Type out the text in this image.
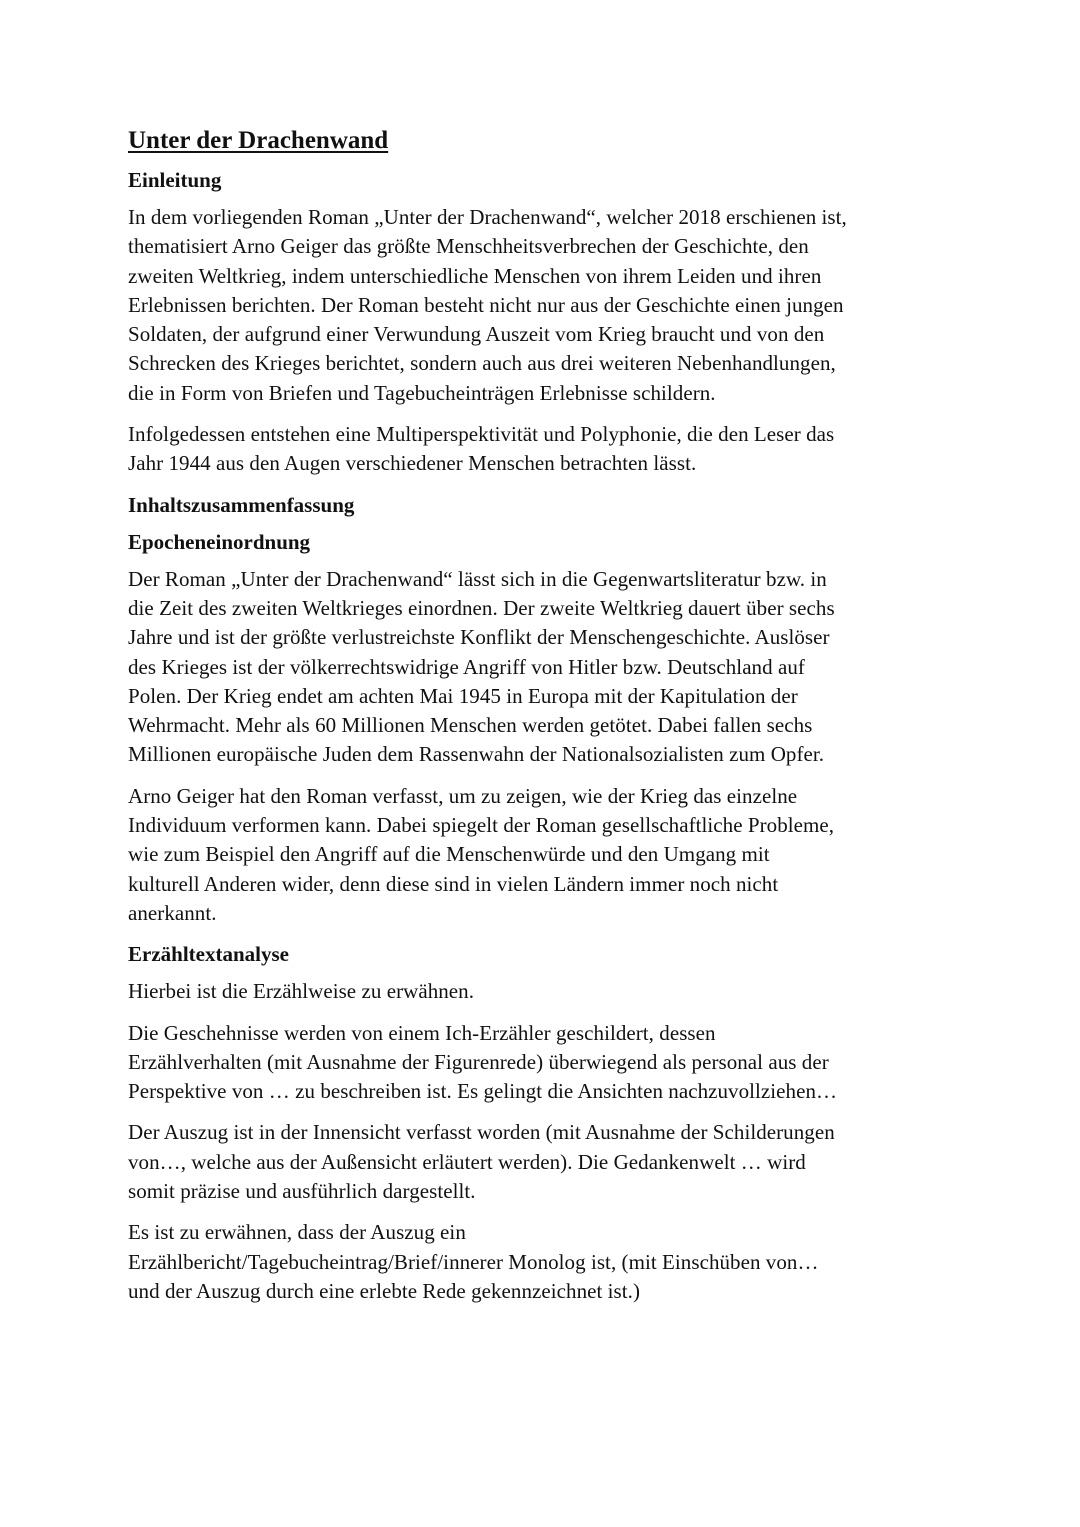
Unter der Drachenwand
Einleitung
In dem vorliegenden Roman „Unter der Drachenwand“, welcher 2018 erschienen ist,
thematisiert Arno Geiger das größte Menschheitsverbrechen der Geschichte, den
zweiten Weltkrieg, indem unterschiedliche Menschen von ihrem Leiden und ihren
Erlebnissen berichten. Der Roman besteht nicht nur aus der Geschichte einen jungen
Soldaten, der aufgrund einer Verwundung Auszeit vom Krieg braucht und von den
Schrecken des Krieges berichtet, sondern auch aus drei weiteren Nebenhandlungen,
die in Form von Briefen und Tagebucheinträgen Erlebnisse schildern.
Infolgedessen entstehen eine Multiperspektivität und Polyphonie, die den Leser das
Jahr 1944 aus den Augen verschiedener Menschen betrachten lässt.
Inhaltszusammenfassung
Epocheneinordnung
Der Roman „Unter der Drachenwand“ lässt sich in die Gegenwartsliteratur bzw. in
die Zeit des zweiten Weltkrieges einordnen. Der zweite Weltkrieg dauert über sechs
Jahre und ist der größte verlustreichste Konflikt der Menschengeschichte. Auslöser
des Krieges ist der völkerrechtswidrige Angriff von Hitler bzw. Deutschland auf
Polen. Der Krieg endet am achten Mai 1945 in Europa mit der Kapitulation der
Wehrmacht. Mehr als 60 Millionen Menschen werden getötet. Dabei fallen sechs
Millionen europäische Juden dem Rassenwahn der Nationalsozialisten zum Opfer.
Arno Geiger hat den Roman verfasst, um zu zeigen, wie der Krieg das einzelne
Individuum verformen kann. Dabei spiegelt der Roman gesellschaftliche Probleme,
wie zum Beispiel den Angriff auf die Menschenwürde und den Umgang mit
kulturell Anderen wider, denn diese sind in vielen Ländern immer noch nicht
anerkannt.
Erzähltextanalyse
Hierbei ist die Erzählweise zu erwähnen.
Die Geschehnisse werden von einem Ich-Erzähler geschildert, dessen
Erzählverhalten (mit Ausnahme der Figurenrede) überwiegend als personal aus der
Perspektive von … zu beschreiben ist. Es gelingt die Ansichten nachzuvollziehen…
Der Auszug ist in der Innensicht verfasst worden (mit Ausnahme der Schilderungen
von…, welche aus der Außensicht erläutert werden). Die Gedankenwelt … wird
somit präzise und ausführlich dargestellt.
Es ist zu erwähnen, dass der Auszug ein
Erzählbericht/Tagebucheintrag/Brief/innerer Monolog ist, (mit Einschüben von…
und der Auszug durch eine erlebte Rede gekennzeichnet ist.)
